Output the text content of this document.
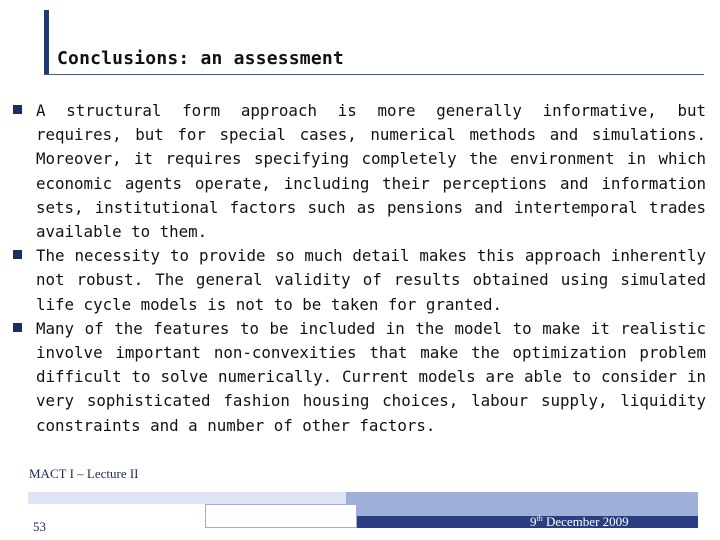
Conclusions: an assessment
A structural form approach is more generally informative, but requires, but for special cases, numerical methods and simulations. Moreover, it requires specifying completely the environment in which economic agents operate, including their perceptions and information sets, institutional factors such as pensions and intertemporal trades available to them.
The necessity to provide so much detail makes this approach inherently not robust. The general validity of results obtained using simulated life cycle models is not to be taken for granted.
Many of the features to be included in the model to make it realistic involve important non-convexities that make the optimization problem difficult to solve numerically. Current models are able to consider in very sophisticated fashion housing choices, labour supply, liquidity constraints and a number of other factors.
MACT I – Lecture II
53	9th December 2009
